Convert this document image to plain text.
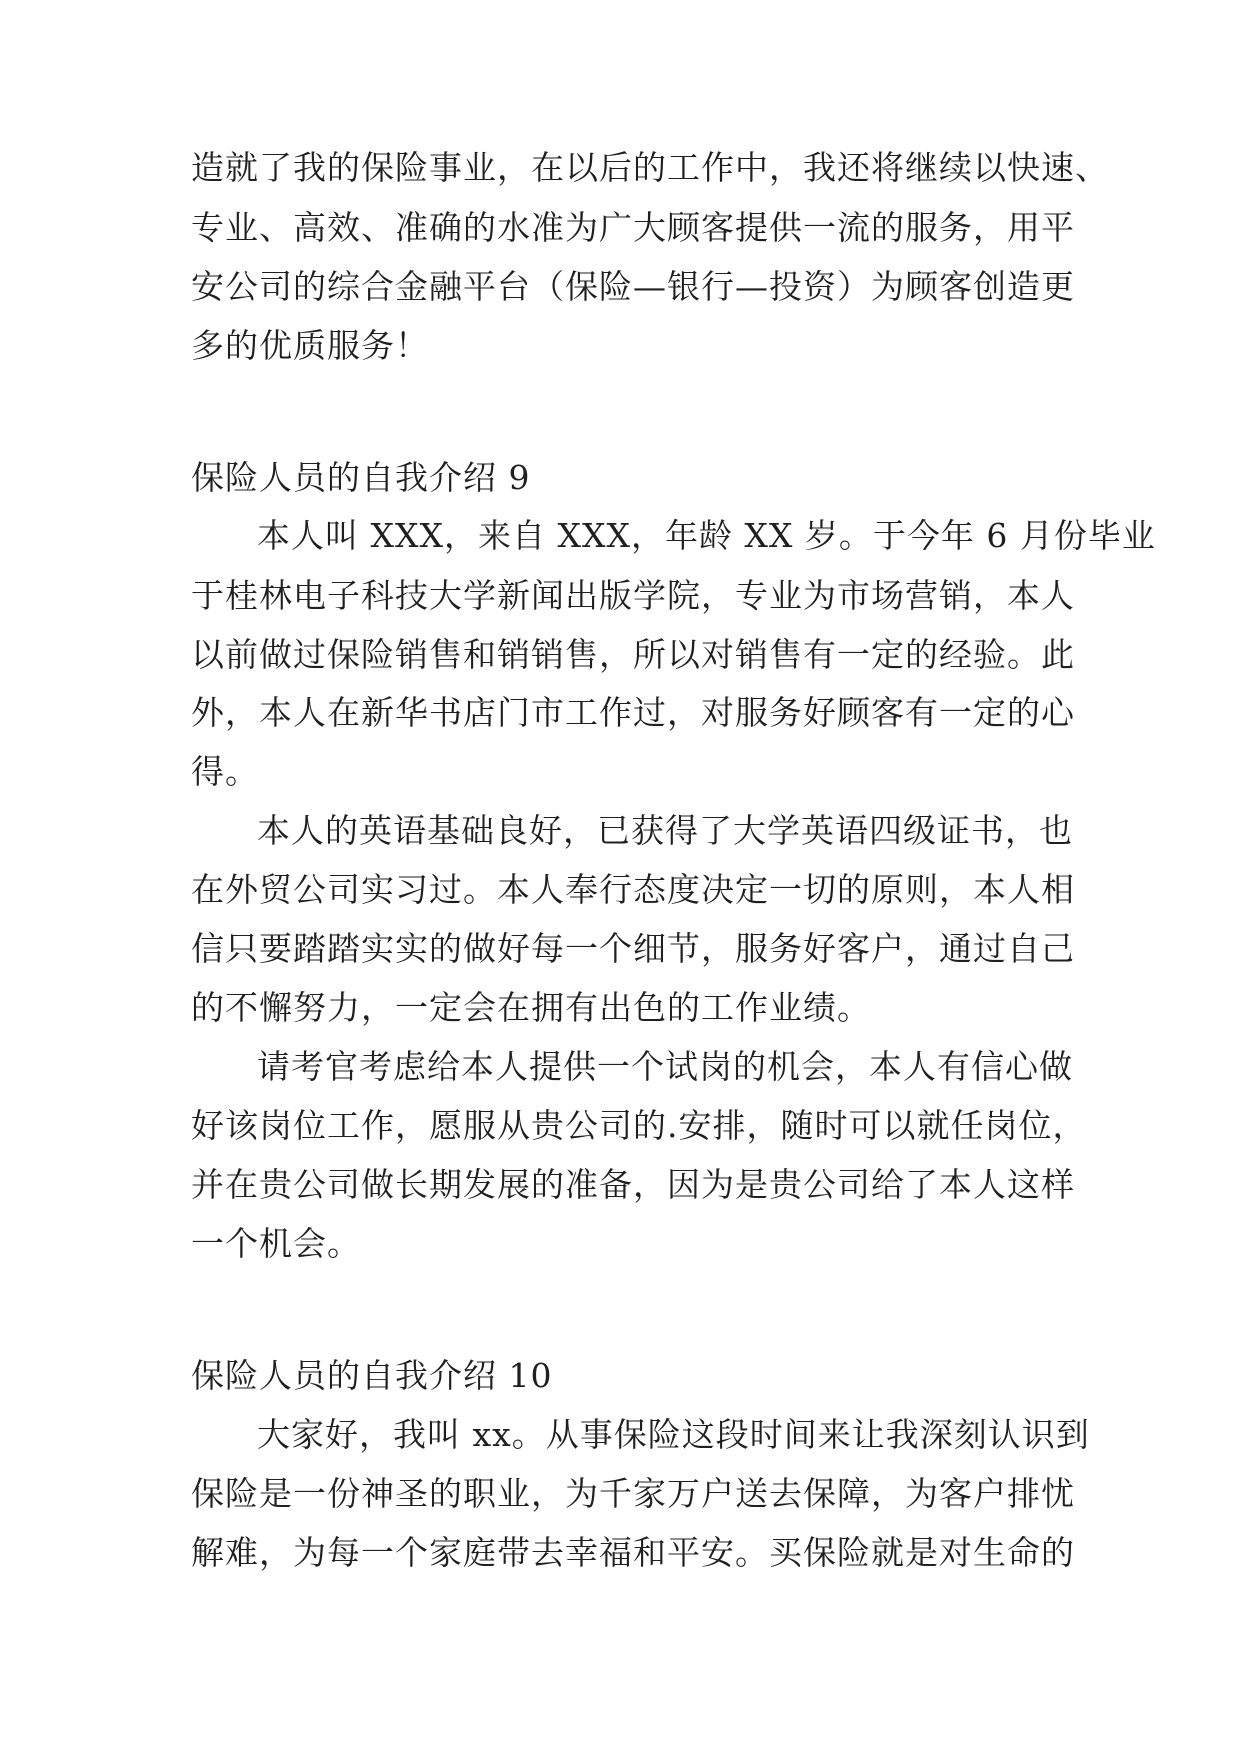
造就了我的保险事业，在以后的工作中，我还将继续以快速、
专业、高效、准确的水准为广大顾客提供一流的服务，用平
安公司的综合金融平台（保险—银行—投资）为顾客创造更
多的优质服务！
保险人员的自我介绍 9
本人叫 XXX，来自 XXX，年龄 XX 岁。于今年 6 月份毕业
于桂林电子科技大学新闻出版学院，专业为市场营销，本人
以前做过保险销售和销销售，所以对销售有一定的经验。此
外，本人在新华书店门市工作过，对服务好顾客有一定的心
得。
本人的英语基础良好，已获得了大学英语四级证书，也
在外贸公司实习过。本人奉行态度决定一切的原则，本人相
信只要踏踏实实的做好每一个细节，服务好客户，通过自己
的不懈努力，一定会在拥有出色的工作业绩。
请考官考虑给本人提供一个试岗的机会，本人有信心做
好该岗位工作，愿服从贵公司的.安排，随时可以就任岗位，
并在贵公司做长期发展的准备，因为是贵公司给了本人这样
一个机会。
保险人员的自我介绍 10
大家好，我叫 xx。从事保险这段时间来让我深刻认识到
保险是一份神圣的职业，为千家万户送去保障，为客户排忧
解难，为每一个家庭带去幸福和平安。买保险就是对生命的
